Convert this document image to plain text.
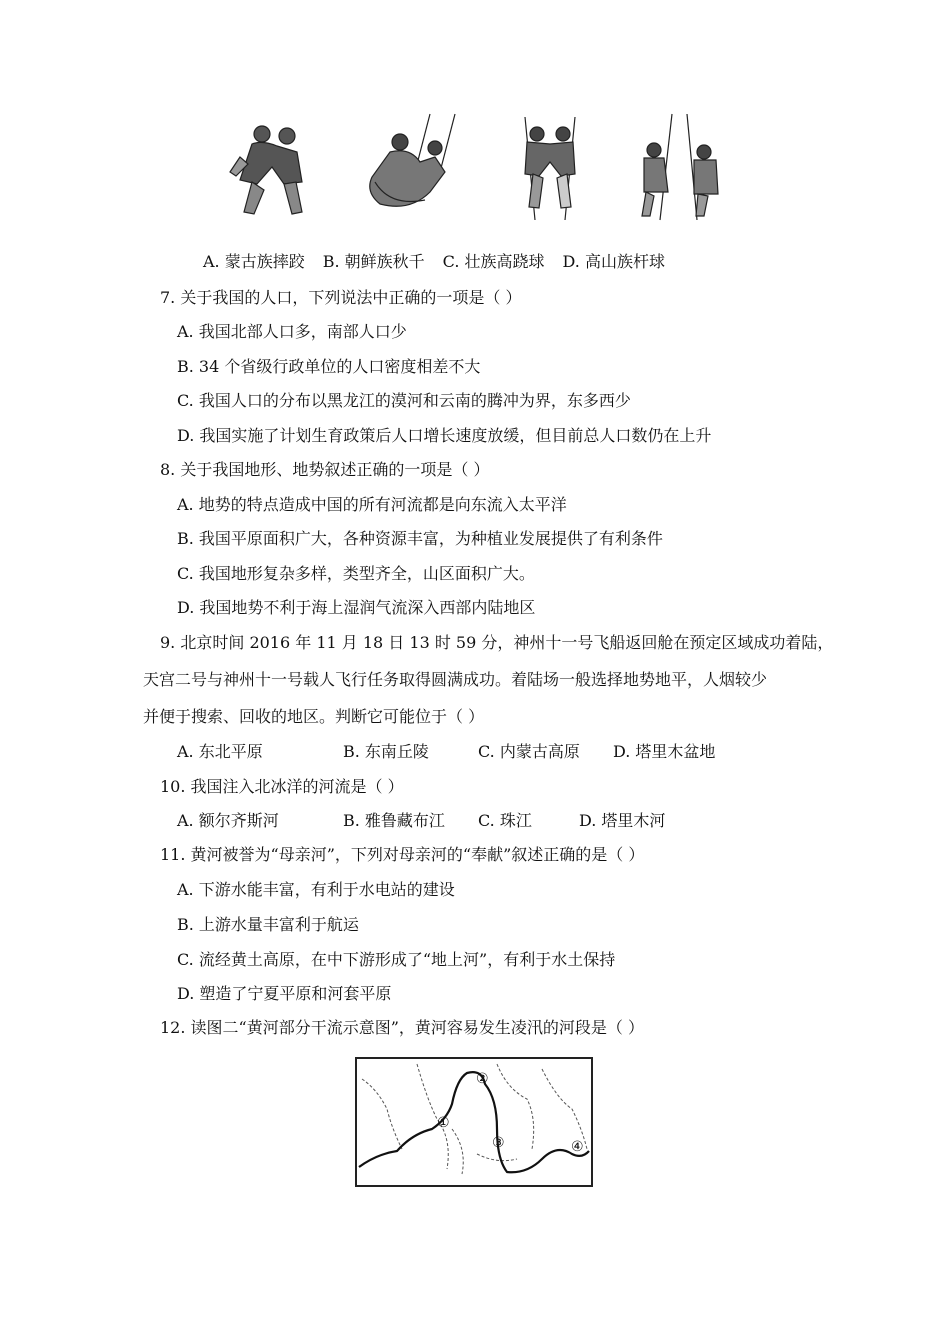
A. 蒙古族摔跤 B. 朝鲜族秋千 C. 壮族高跷球 D. 高山族杆球
7. 关于我国的人口，下列说法中正确的一项是（ ）
A. 我国北部人口多，南部人口少
B. 34 个省级行政单位的人口密度相差不大
C. 我国人口的分布以黑龙江的漠河和云南的腾冲为界，东多西少
D. 我国实施了计划生育政策后人口增长速度放缓，但目前总人口数仍在上升
8. 关于我国地形、地势叙述正确的一项是（ ）
A. 地势的特点造成中国的所有河流都是向东流入太平洋
B. 我国平原面积广大，各种资源丰富，为种植业发展提供了有利条件
C. 我国地形复杂多样，类型齐全，山区面积广大。
D. 我国地势不利于海上湿润气流深入西部内陆地区
9. 北京时间 2016 年 11 月 18 日 13 时 59 分，神州十一号飞船返回舱在预定区域成功着陆，
天宫二号与神州十一号载人飞行任务取得圆满成功。着陆场一般选择地势地平，人烟较少
并便于搜索、回收的地区。判断它可能位于（ ）
A. 东北平原	B. 东南丘陵	C. 内蒙古高原 D. 塔里木盆地
10. 我国注入北冰洋的河流是（ ）
A. 额尔齐斯河	B. 雅鲁藏布江 C. 珠江	D. 塔里木河
11. 黄河被誉为“母亲河”，下列对母亲河的“奉献”叙述正确的是（ ）
A. 下游水能丰富，有利于水电站的建设
B. 上游水量丰富利于航运
C. 流经黄土高原，在中下游形成了“地上河”，有利于水土保持
D. 塑造了宁夏平原和河套平原
12. 读图二“黄河部分干流示意图”，黄河容易发生凌汛的河段是（ ）
①
②
③	④
